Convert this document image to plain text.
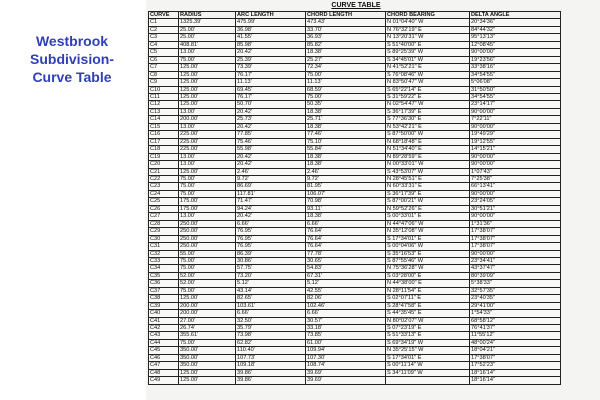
Westbrook
Subdivision-
Curve Table
CURVE TABLE
CURVE	RADIUS	ARC LENGTH	CHORD LENGTH	CHORD BEARING	DELTA ANGLE
C1	1325.39'	475.99'	473.43'	N 01°04'40" W	20°34'36"
C2	25.00'	36.98'	33.70'	N 76°32'19" E	84°44'32"
C3	25.00'	41.55'	36.93'	N 13°20'31" W	95°13'13"
C4	408.81'	85.98'	85.82'	S 51°40'00" E	12°08'45"
C5	13.00'	20.42'	18.38'	S 89°25'39" W	90°00'00"
C6	75.00'	25.39'	25.27'	S 34°45'01" W	19°23'56"
C7	125.00'	73.39'	72.34'	N 41°52'21" E	33°38'16"
C8	125.00'	76.17'	75.00'	S 76°08'46" W	34°54'55"
C9	125.00'	11.13'	11.13'	N 83°50'47" W	5°06'08"
C10	125.00'	69.45'	68.59'	S 65°22'14" E	31°50'50"
C11	125.00'	76.17'	75.00'	S 31°59'22" E	34°54'55"
C12	125.00'	50.70'	50.35'	N 02°54'47" W	23°14'17"
C13	13.00'	20.42'	18.38'	S 36°17'39" E	90°00'00"
C14	200.00'	25.73'	25.71'	S 77°36'30" E	7°22'11"
C15	13.00'	20.42'	18.38'	N 53°42'21" E	90°00'00"
C16	225.00'	77.85'	77.46'	S 87°50'00" W	19°49'29"
C17	225.00'	75.46'	75.10'	N 68°18'48" E	19°12'55"
C18	225.00'	55.98'	55.84'	N 51°34'40" E	14°15'21"
C19	13.00'	20.42'	18.38'	N 89°28'59" E	90°00'00"
C20	13.00'	20.42'	18.38'	N 00°33'01" W	90°00'00"
C21	125.00'	2.46'	2.46'	S 43°53'07" W	1°07'43"
C22	75.00'	9.72'	9.72'	N 28°45'51" E	7°25'38"
C23	75.00'	86.69'	81.95'	N 60°33'31" E	66°13'41"
C24	75.00'	117.81'	106.07'	S 36°17'39" E	90°00'00"
C25	175.00'	71.47'	70.98'	S 87°00'21" W	23°24'05"
C26	175.00'	94.24'	93.11'	N 59°52'26" E	30°51'21"
C27	13.00'	20.42'	18.38'	S 00°33'01" E	90°00'00"
C28	250.00'	6.66'	6.66'	N 44°47'06" W	1°31'36"
C29	250.00'	76.95'	76.64'	N 35°12'08" W	17°38'07"
C30	250.00'	76.95'	76.64'	S 17°34'01" E	17°38'07"
C31	250.00'	76.95'	76.64'	S 00°04'06" W	17°38'07"
C32	55.00'	86.39'	77.78'	S 35°16'53" E	90°00'00"
C33	75.00'	30.86'	30.65'	S 87°55'46" W	23°34'41"
C34	75.00'	57.75'	54.83'	N 75°36'28" W	43°37'47"
C35	52.00'	73.20'	67.31'	S 03°28'00" E	80°39'09"
C36	52.00'	5.12'	5.12'	N 44°38'00" E	5°38'33"
C37	75.00'	43.14'	42.55'	N 28°11'54" E	32°57'35"
C38	125.00'	82.65'	82.06'	S 02°07'11" E	23°40'35"
C39	200.00'	103.61'	102.46'	S 28°47'58" E	29°41'00"
C40	200.00'	6.66'	6.66'	S 44°35'45" E	1°54'33"
C41	27.00'	32.50'	30.57'	N 80°02'07" W	68°58'12"
C42	26.74'	35.79'	33.18'	S 07°23'19" E	76°41'37"
C43	355.61'	73.98'	73.85'	S 51°33'13" E	11°55'12"
C44	75.00'	62.82'	61.00'	S 69°34'19" W	48°00'24"
C45	350.00'	110.40'	109.94'	N 35°25'15" W	18°04'21"
C46	350.00'	107.73'	107.30'	S 17°34'01" E	17°38'07"
C47	350.00'	109.18'	108.74'	S 00°11'14" W	17°52'23"
C48	125.00'	39.86'	39.69'	S 34°11'09" W	18°16'14"
C49	125.00'	39.86'	39.69'		18°16'14"
